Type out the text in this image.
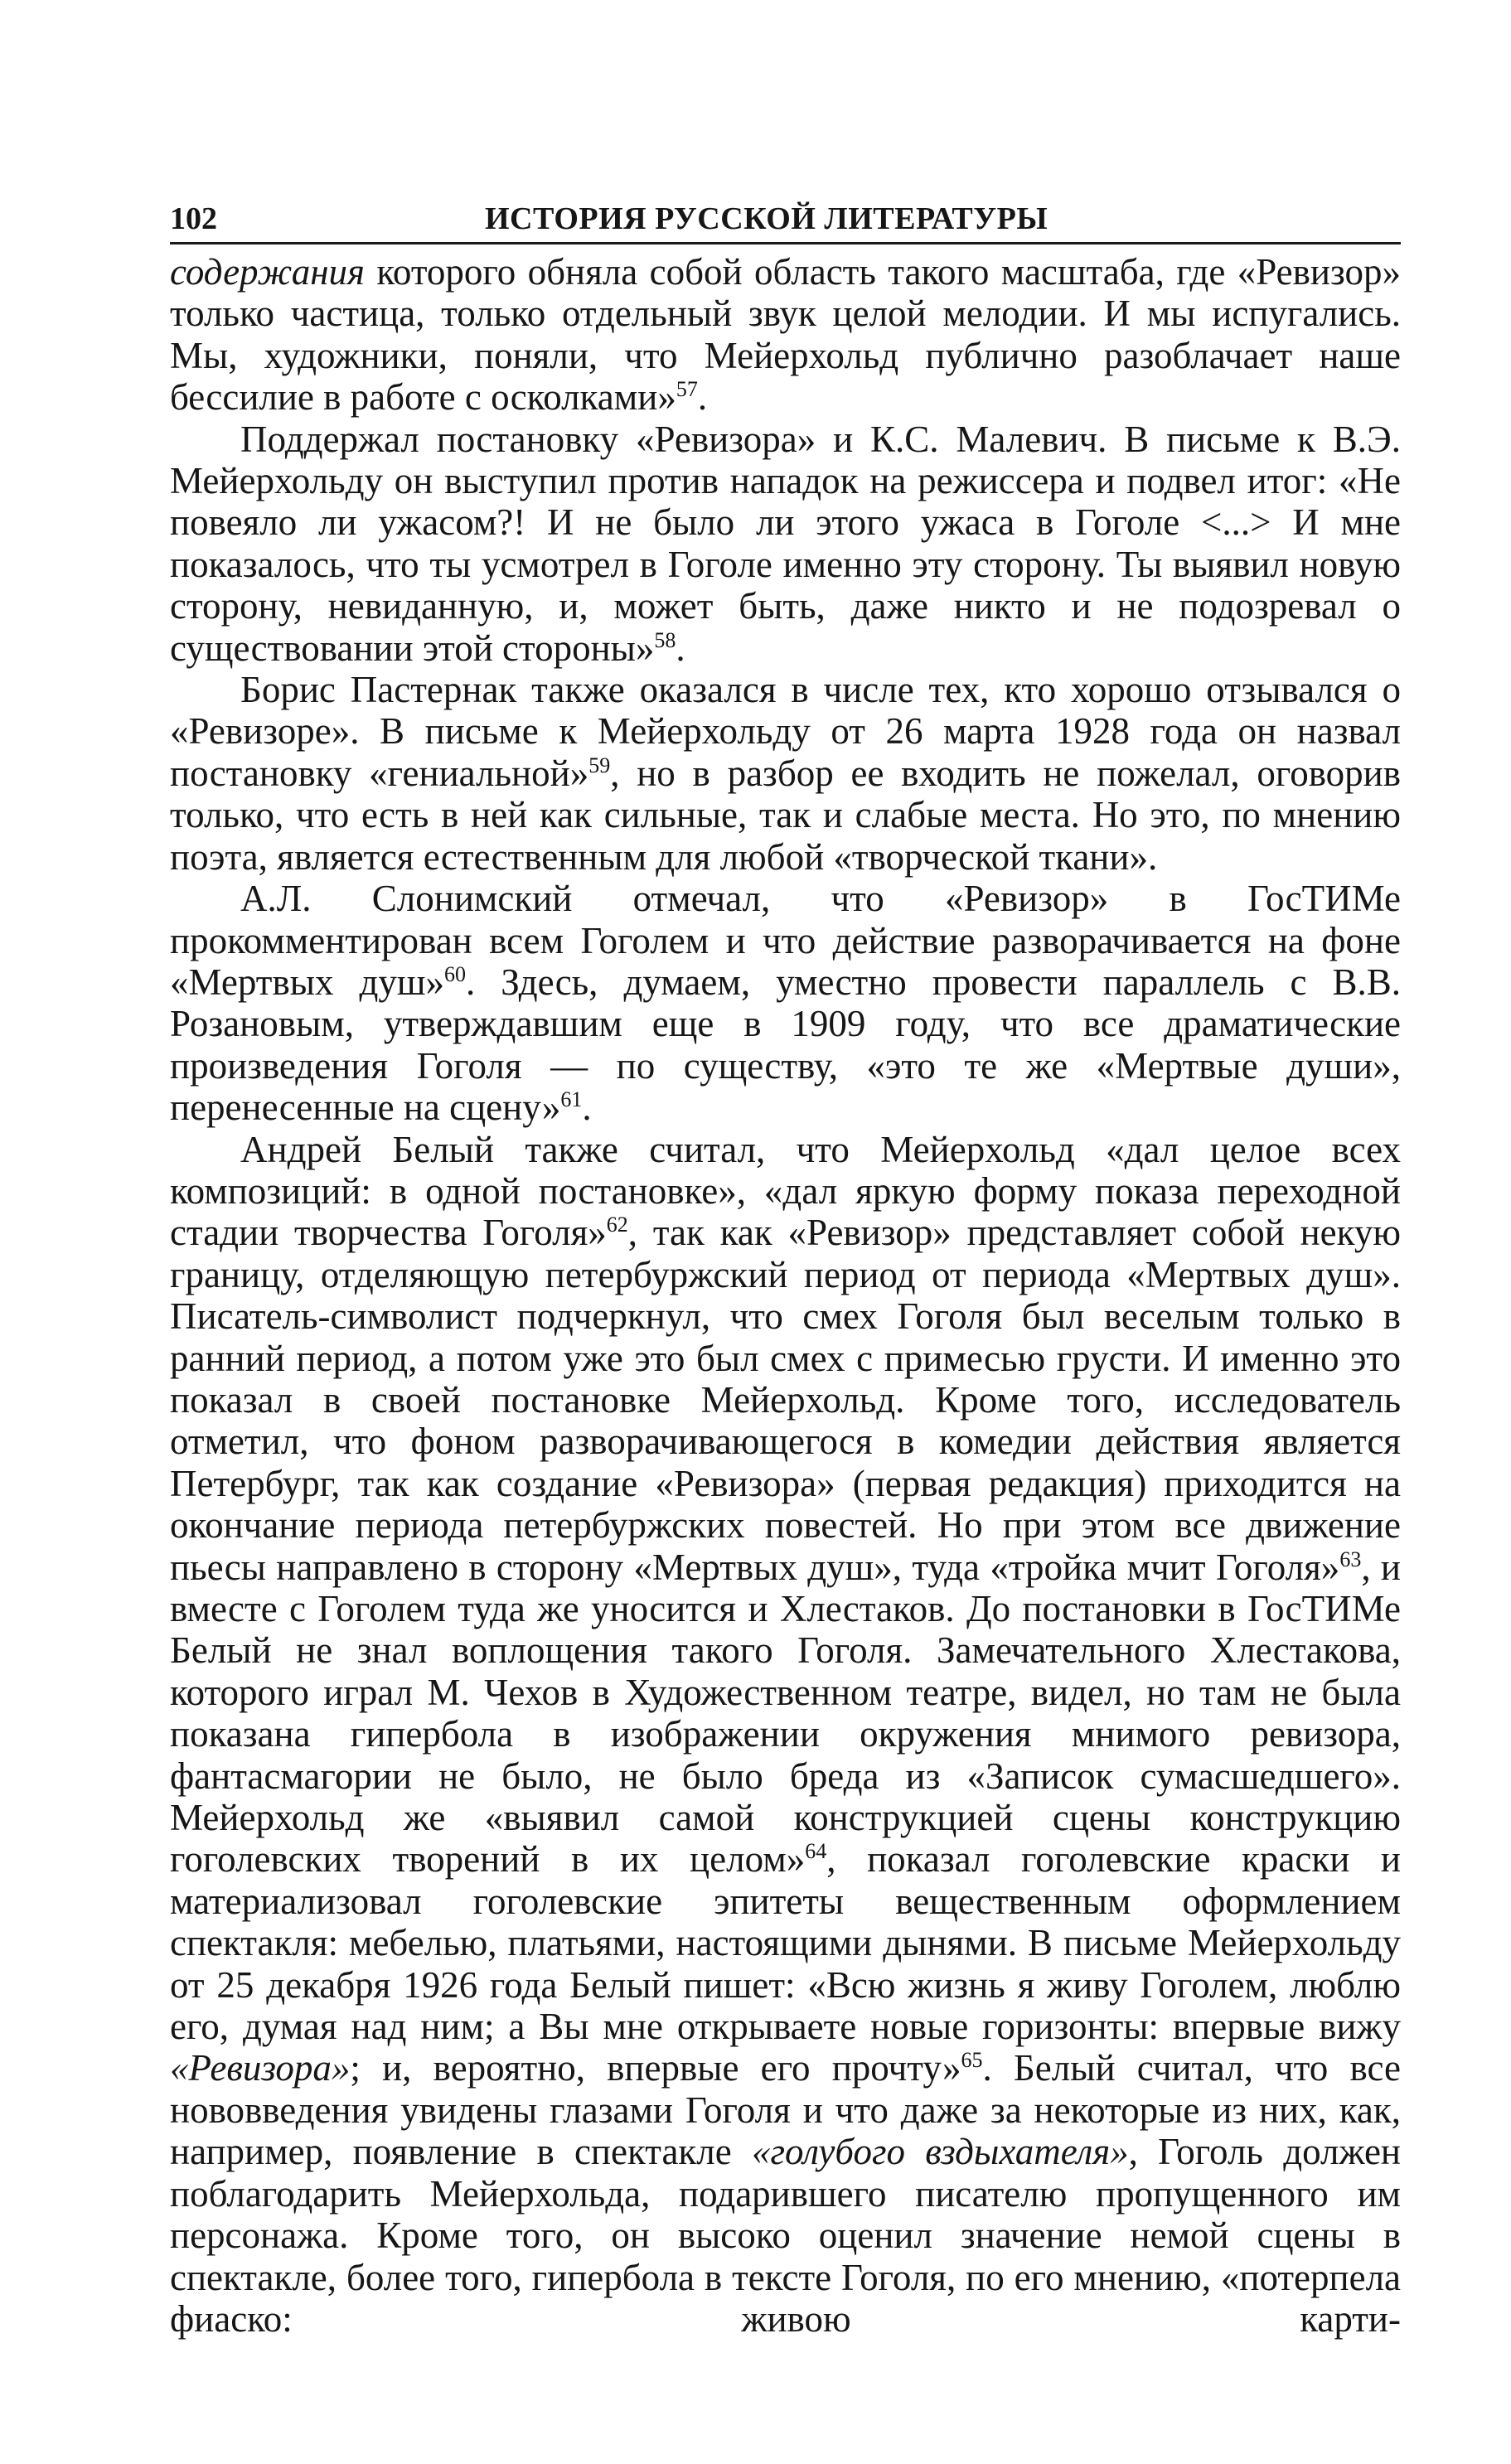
102	ИСТОРИЯ РУССКОЙ ЛИТЕРАТУРЫ

содержания которого обняла собой область такого масштаба, где «Ревизор» только частица, только отдельный звук целой мелодии. И мы испугались. Мы, художники, поняли, что Мейерхольд публично разоблачает наше бессилие в работе с осколками»$^{57}$.

Поддержал постановку «Ревизора» и К.С. Малевич. В письме к В.Э. Мейерхольду он выступил против нападок на режиссера и подвел итог: «Не повеяло ли ужасом?! И не было ли этого ужаса в Гоголе <...> И мне показалось, что ты усмотрел в Гоголе именно эту сторону. Ты выявил новую сторону, невиданную, и, может быть, даже никто и не подозревал о существовании этой стороны»$^{58}$.

Борис Пастернак также оказался в числе тех, кто хорошо отзывался о «Ревизоре». В письме к Мейерхольду от 26 марта 1928 года он назвал постановку «гениальной»$^{59}$, но в разбор ее входить не пожелал, оговорив только, что есть в ней как сильные, так и слабые места. Но это, по мнению поэта, является естественным для любой «творческой ткани».

А.Л. Слонимский отмечал, что «Ревизор» в ГосТИМе прокомментирован всем Гоголем и что действие разворачивается на фоне «Мертвых душ»$^{60}$. Здесь, думаем, уместно провести параллель с В.В. Розановым, утверждавшим еще в 1909 году, что все драматические произведения Гоголя — по существу, «это те же «Мертвые души», перенесенные на сцену»$^{61}$.

Андрей Белый также считал, что Мейерхольд «дал целое всех композиций: в одной постановке», «дал яркую форму показа переходной стадии творчества Гоголя»$^{62}$, так как «Ревизор» представляет собой некую границу, отделяющую петербуржский период от периода «Мертвых душ». Писатель-символист подчеркнул, что смех Гоголя был веселым только в ранний период, а потом уже это был смех с примесью грусти. И именно это показал в своей постановке Мейерхольд. Кроме того, исследователь отметил, что фоном разворачивающегося в комедии действия является Петербург, так как создание «Ревизора» (первая редакция) приходится на окончание периода петербуржских повестей. Но при этом все движение пьесы направлено в сторону «Мертвых душ», туда «тройка мчит Гоголя»$^{63}$, и вместе с Гоголем туда же уносится и Хлестаков. До постановки в ГосТИМе Белый не знал воплощения такого Гоголя. Замечательного Хлестакова, которого играл М. Чехов в Художественном театре, видел, но там не была показана гипербола в изображении окружения мнимого ревизора, фантасмагории не было, не было бреда из «Записок сумасшедшего». Мейерхольд же «выявил самой конструкцией сцены конструкцию гоголевских творений в их целом»$^{64}$, показал гоголевские краски и материализовал гоголевские эпитеты вещественным оформлением спектакля: мебелью, платьями, настоящими дынями. В письме Мейерхольду от 25 декабря 1926 года Белый пишет: «Всю жизнь я живу Гоголем, люблю его, думая над ним; а Вы мне открываете новые горизонты: впервые вижу «Ревизора»; и, вероятно, впервые его прочту»$^{65}$. Белый считал, что все нововведения увидены глазами Гоголя и что даже за некоторые из них, как, например, появление в спектакле «голубого вздыхателя», Гоголь должен поблагодарить Мейерхольда, подарившего писателю пропущенного им персонажа. Кроме того, он высоко оценил значение немой сцены в спектакле, более того, гипербола в тексте Гоголя, по его мнению, «потерпела фиаско: живою карти-
